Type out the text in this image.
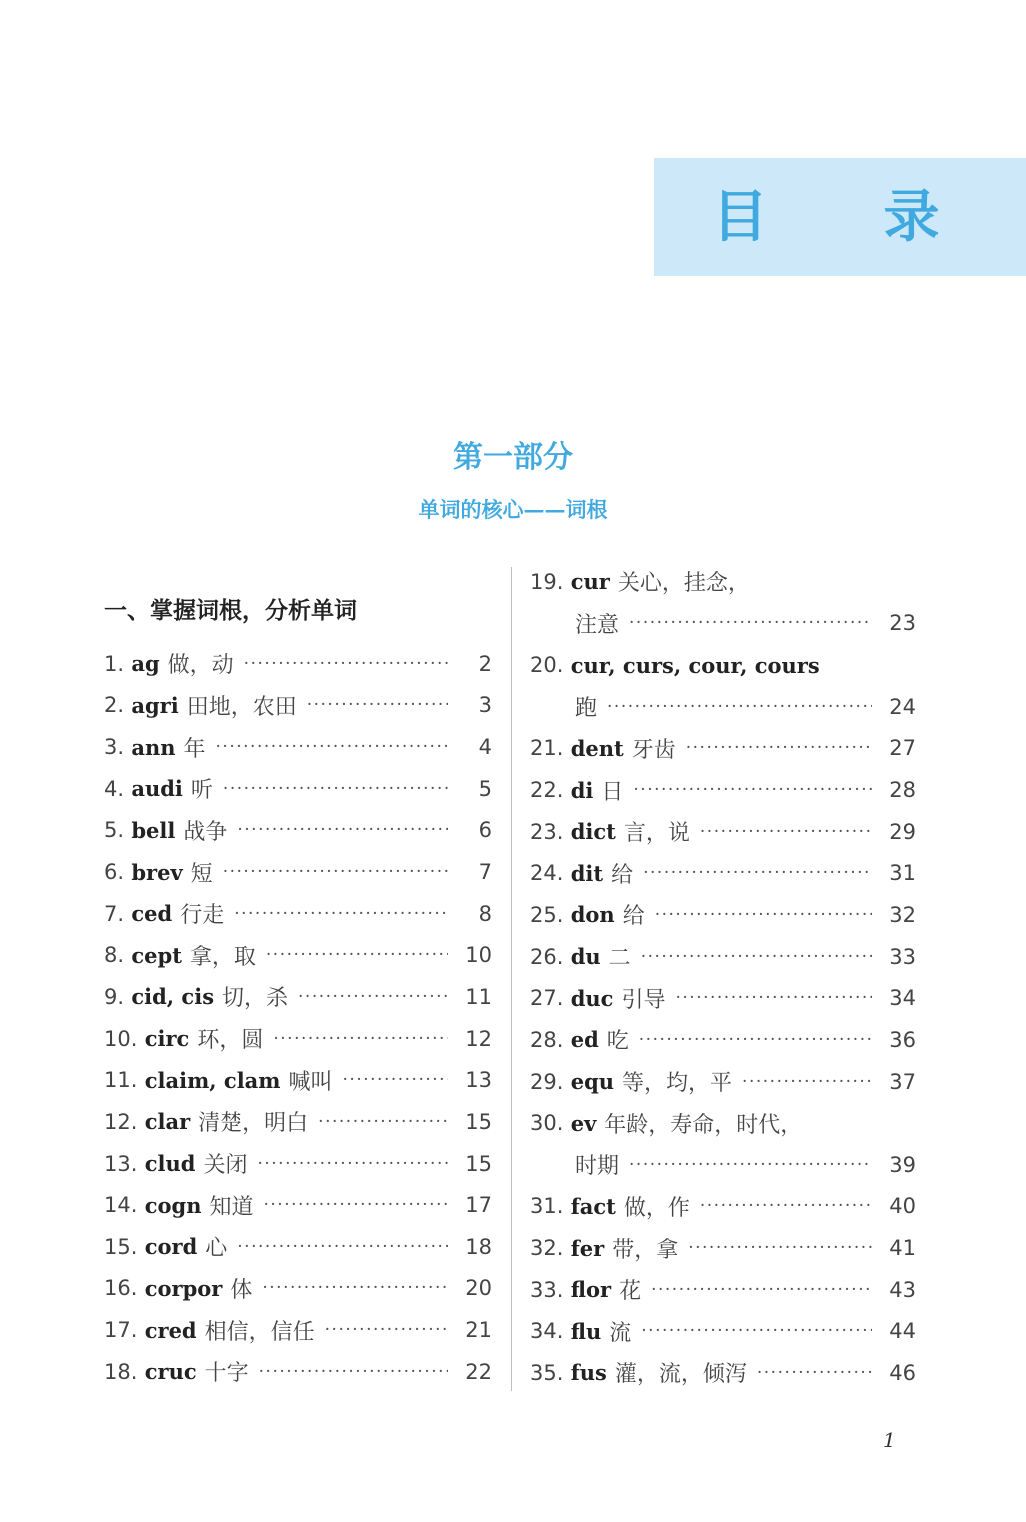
目 录
第一部分
单词的核心——词根
一、掌握词根，分析单词
1. ag 做，动 ·····	2
2. agri 田地，农田 ·····	3
3. ann 年 ·····	4
4. audi 听 ·····	5
5. bell 战争 ·····	6
6. brev 短 ·····	7
7. ced 行走 ·····	8
8. cept 拿，取 ·····	10
9. cid, cis 切，杀 ·····	11
10. circ 环，圆 ·····	12
11. claim, clam 喊叫 ·····	13
12. clar 清楚，明白 ·····	15
13. clud 关闭 ·····	15
14. cogn 知道 ·····	17
15. cord 心 ·····	18
16. corpor 体 ·····	20
17. cred 相信，信任 ·····	21
18. cruc 十字 ·····	22
19. cur 关心，挂念，
注意 ·····	23
20. cur, curs, cour, cours
跑 ·····	24
21. dent 牙齿 ·····	27
22. di 日 ·····	28
23. dict 言，说 ·····	29
24. dit 给 ·····	31
25. don 给 ·····	32
26. du 二 ·····	33
27. duc 引导 ·····	34
28. ed 吃 ·····	36
29. equ 等，均，平 ·····	37
30. ev 年龄，寿命，时代，
时期 ·····	39
31. fact 做，作 ·····	40
32. fer 带，拿 ·····	41
33. flor 花 ·····	43
34. flu 流 ·····	44
35. fus 灌，流，倾泻 ·····	46
1
